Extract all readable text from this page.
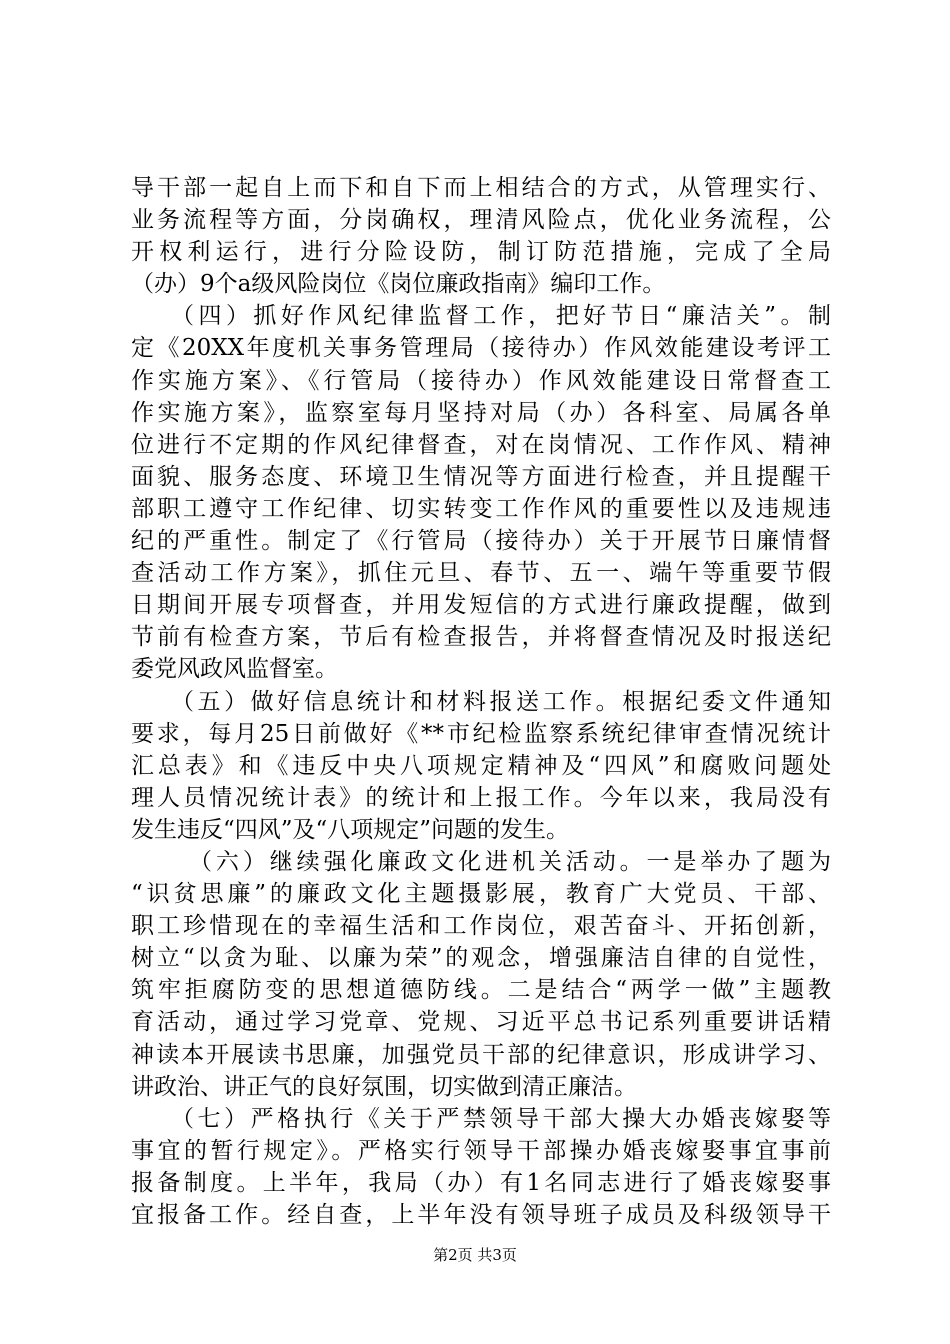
导干部一起自上而下和自下而上相结合的方式，从管理实行、
业务流程等方面，分岗确权，理清风险点，优化业务流程，公
开权利运行，进行分险设防，制订防范措施，完成了全局
（办）9个a级风险岗位《岗位廉政指南》编印工作。
（四）抓好作风纪律监督工作，把好节日“廉洁关”。制
定《20XX年度机关事务管理局（接待办）作风效能建设考评工
作实施方案》、《行管局（接待办）作风效能建设日常督查工
作实施方案》，监察室每月坚持对局（办）各科室、局属各单
位进行不定期的作风纪律督查，对在岗情况、工作作风、精神
面貌、服务态度、环境卫生情况等方面进行检查，并且提醒干
部职工遵守工作纪律、切实转变工作作风的重要性以及违规违
纪的严重性。制定了《行管局（接待办）关于开展节日廉情督
查活动工作方案》，抓住元旦、春节、五一、端午等重要节假
日期间开展专项督查，并用发短信的方式进行廉政提醒，做到
节前有检查方案，节后有检查报告，并将督查情况及时报送纪
委党风政风监督室。
（五）做好信息统计和材料报送工作。根据纪委文件通知
要求，每月25日前做好《**市纪检监察系统纪律审查情况统计
汇总表》和《违反中央八项规定精神及“四风”和腐败问题处
理人员情况统计表》的统计和上报工作。今年以来，我局没有
发生违反“四风”及“八项规定”问题的发生。
（六）继续强化廉政文化进机关活动。一是举办了题为
“识贫思廉”的廉政文化主题摄影展，教育广大党员、干部、
职工珍惜现在的幸福生活和工作岗位，艰苦奋斗、开拓创新，
树立“以贪为耻、以廉为荣”的观念，增强廉洁自律的自觉性，
筑牢拒腐防变的思想道德防线。二是结合“两学一做”主题教
育活动，通过学习党章、党规、习近平总书记系列重要讲话精
神读本开展读书思廉，加强党员干部的纪律意识，形成讲学习、
讲政治、讲正气的良好氛围，切实做到清正廉洁。
（七）严格执行《关于严禁领导干部大操大办婚丧嫁娶等
事宜的暂行规定》。严格实行领导干部操办婚丧嫁娶事宜事前
报备制度。上半年，我局（办）有1名同志进行了婚丧嫁娶事
宜报备工作。经自查，上半年没有领导班子成员及科级领导干
第2页 共3页
